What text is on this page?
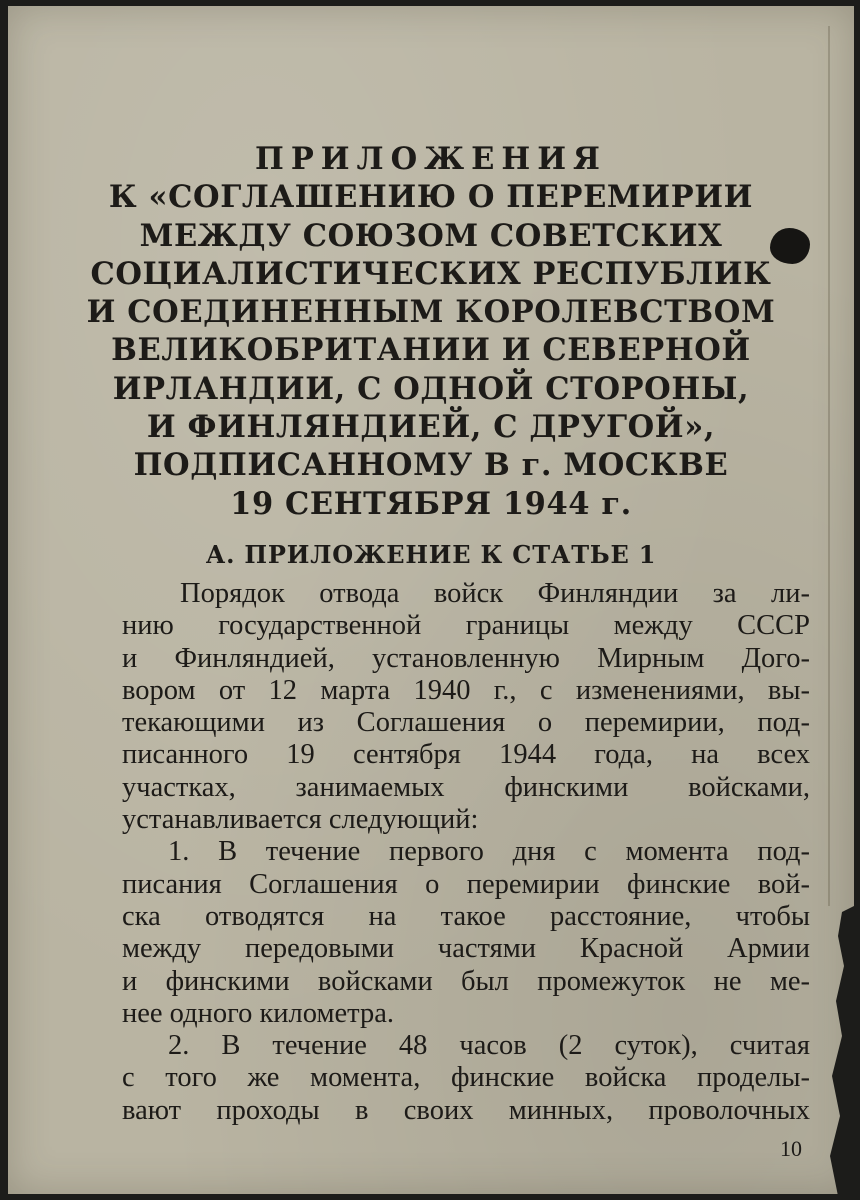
ПРИЛОЖЕНИЯ
К «СОГЛАШЕНИЮ О ПЕРЕМИРИИ
МЕЖДУ СОЮЗОМ СОВЕТСКИХ
СОЦИАЛИСТИЧЕСКИХ РЕСПУБЛИК
И СОЕДИНЕННЫМ КОРОЛЕВСТВОМ
ВЕЛИКОБРИТАНИИ И СЕВЕРНОЙ
ИРЛАНДИИ, С ОДНОЙ СТОРОНЫ,
И ФИНЛЯНДИЕЙ, С ДРУГОЙ»,
ПОДПИСАННОМУ В г. МОСКВЕ
19 СЕНТЯБРЯ 1944 г.
А. ПРИЛОЖЕНИЕ К СТАТЬЕ 1
Порядок отвода войск Финляндии за ли-
нию государственной границы между СССР
и Финляндией, установленную Мирным Дого-
вором от 12 марта 1940 г., с изменениями, вы-
текающими из Соглашения о перемирии, под-
писанного 19 сентября 1944 года, на всех
участках, занимаемых финскими войсками,
устанавливается следующий:
1. В течение первого дня с момента под-
писания Соглашения о перемирии финские вой-
ска отводятся на такое расстояние, чтобы
между передовыми частями Красной Армии
и финскими войсками был промежуток не ме-
нее одного километра.
2. В течение 48 часов (2 суток), считая
с того же момента, финские войска проделы-
вают проходы в своих минных, проволочных
10
